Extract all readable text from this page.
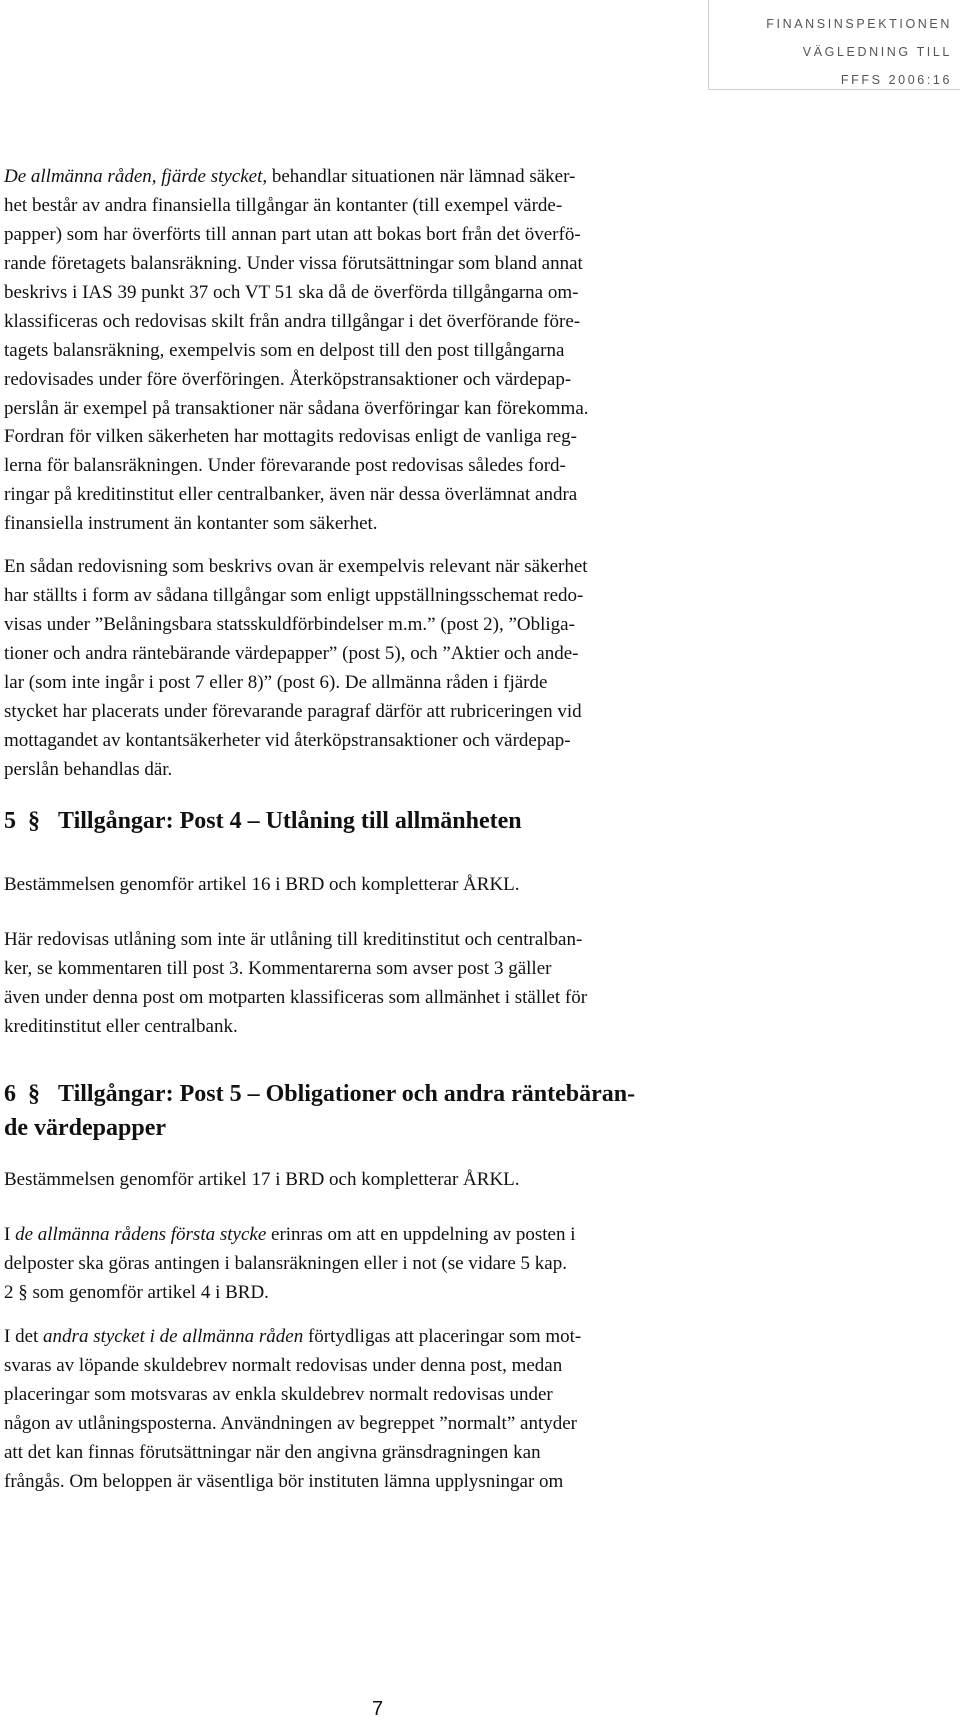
FINANSINSPEKTIONEN
VÄGLEDNING TILL
FFFS 2006:16
De allmänna råden, fjärde stycket, behandlar situationen när lämnad säker-
het består av andra finansiella tillgångar än kontanter (till exempel värde-
papper) som har överförts till annan part utan att bokas bort från det överfö-
rande företagets balansräkning. Under vissa förutsättningar som bland annat
beskrivs i IAS 39 punkt 37 och VT 51 ska då de överförda tillgångarna om-
klassificeras och redovisas skilt från andra tillgångar i det överförande före-
tagets balansräkning, exempelvis som en delpost till den post tillgångarna
redovisades under före överföringen. Återköpstransaktioner och värdepap-
perslån är exempel på transaktioner när sådana överföringar kan förekomma.
Fordran för vilken säkerheten har mottagits redovisas enligt de vanliga reg-
lerna för balansräkningen. Under förevarande post redovisas således ford-
ringar på kreditinstitut eller centralbanker, även när dessa överlämnat andra
finansiella instrument än kontanter som säkerhet.
En sådan redovisning som beskrivs ovan är exempelvis relevant när säkerhet
har ställts i form av sådana tillgångar som enligt uppställningsschemat redo-
visas under ”Belåningsbara statsskuldförbindelser m.m.” (post 2), ”Obliga-
tioner och andra räntebärande värdepapper” (post 5), och ”Aktier och ande-
lar (som inte ingår i post 7 eller 8)” (post 6). De allmänna råden i fjärde
stycket har placerats under förevarande paragraf därför att rubriceringen vid
mottagandet av kontantsäkerheter vid återköpstransaktioner och värdepap-
perslån behandlas där.
5 § Tillgångar: Post 4 – Utlåning till allmänheten

Bestämmelsen genomför artikel 16 i BRD och kompletterar ÅRKL.

Här redovisas utlåning som inte är utlåning till kreditinstitut och centralban-
ker, se kommentaren till post 3. Kommentarerna som avser post 3 gäller
även under denna post om motparten klassificeras som allmänhet i stället för
kreditinstitut eller centralbank.
6 § Tillgångar: Post 5 – Obligationer och andra räntebäran-
de värdepapper

Bestämmelsen genomför artikel 17 i BRD och kompletterar ÅRKL.

I de allmänna rådens första stycke erinras om att en uppdelning av posten i
delposter ska göras antingen i balansräkningen eller i not (se vidare 5 kap.
2 § som genomför artikel 4 i BRD.
I det andra stycket i de allmänna råden förtydligas att placeringar som mot-
svaras av löpande skuldebrev normalt redovisas under denna post, medan
placeringar som motsvaras av enkla skuldebrev normalt redovisas under
någon av utlåningsposterna. Användningen av begreppet ”normalt” antyder
att det kan finnas förutsättningar när den angivna gränsdragningen kan
frångås. Om beloppen är väsentliga bör instituten lämna upplysningar om
7
